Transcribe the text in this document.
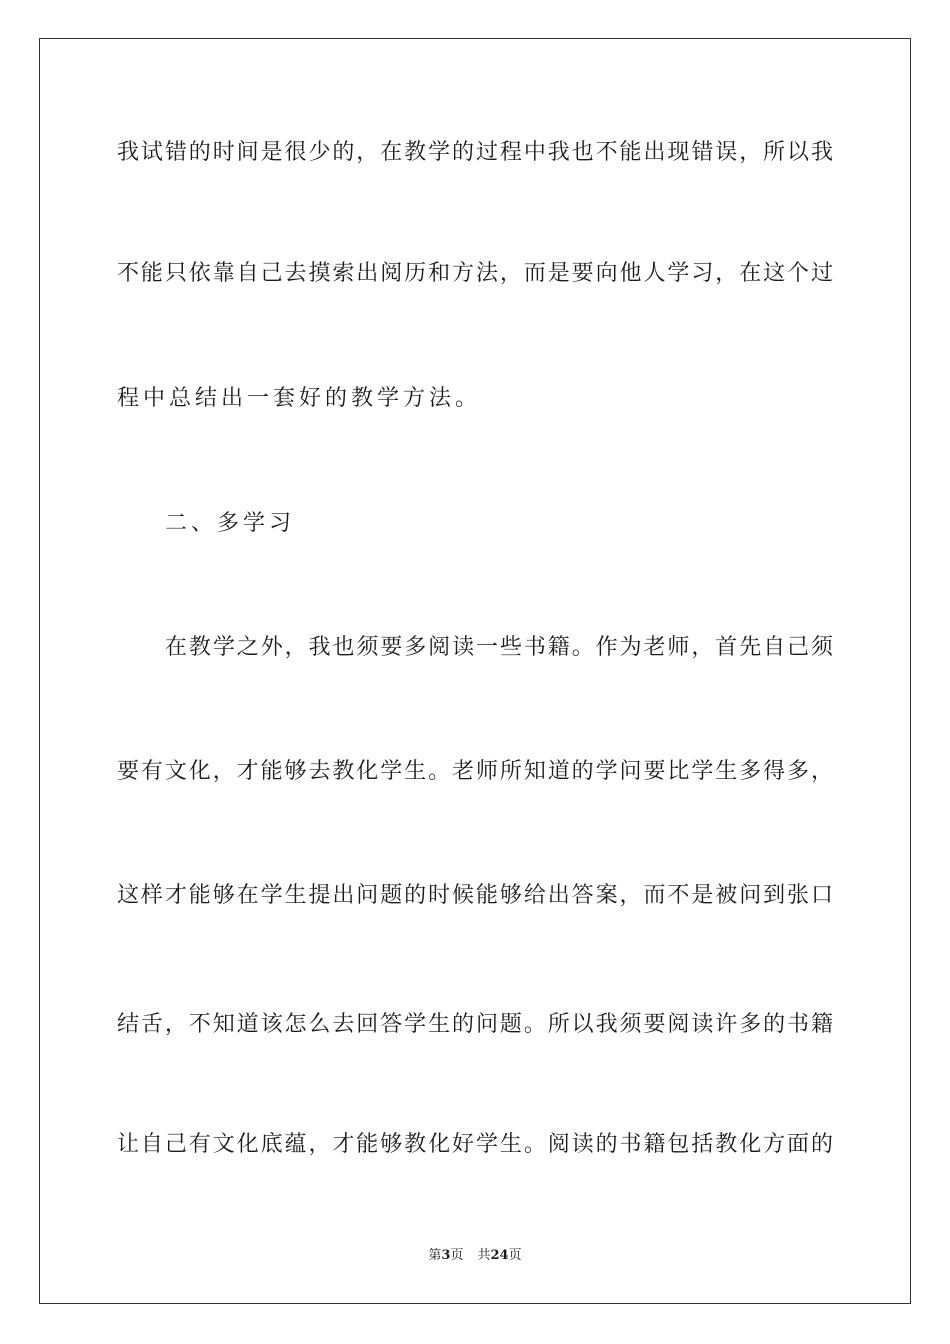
我试错的时间是很少的，在教学的过程中我也不能出现错误，所以我
不能只依靠自己去摸索出阅历和方法，而是要向他人学习，在这个过
程中总结出一套好的教学方法。
二、多学习
在教学之外，我也须要多阅读一些书籍。作为老师，首先自己须
要有文化，才能够去教化学生。老师所知道的学问要比学生多得多，
这样才能够在学生提出问题的时候能够给出答案，而不是被问到张口
结舌，不知道该怎么去回答学生的问题。所以我须要阅读许多的书籍
让自己有文化底蕴，才能够教化好学生。阅读的书籍包括教化方面的
第3页 共24页
